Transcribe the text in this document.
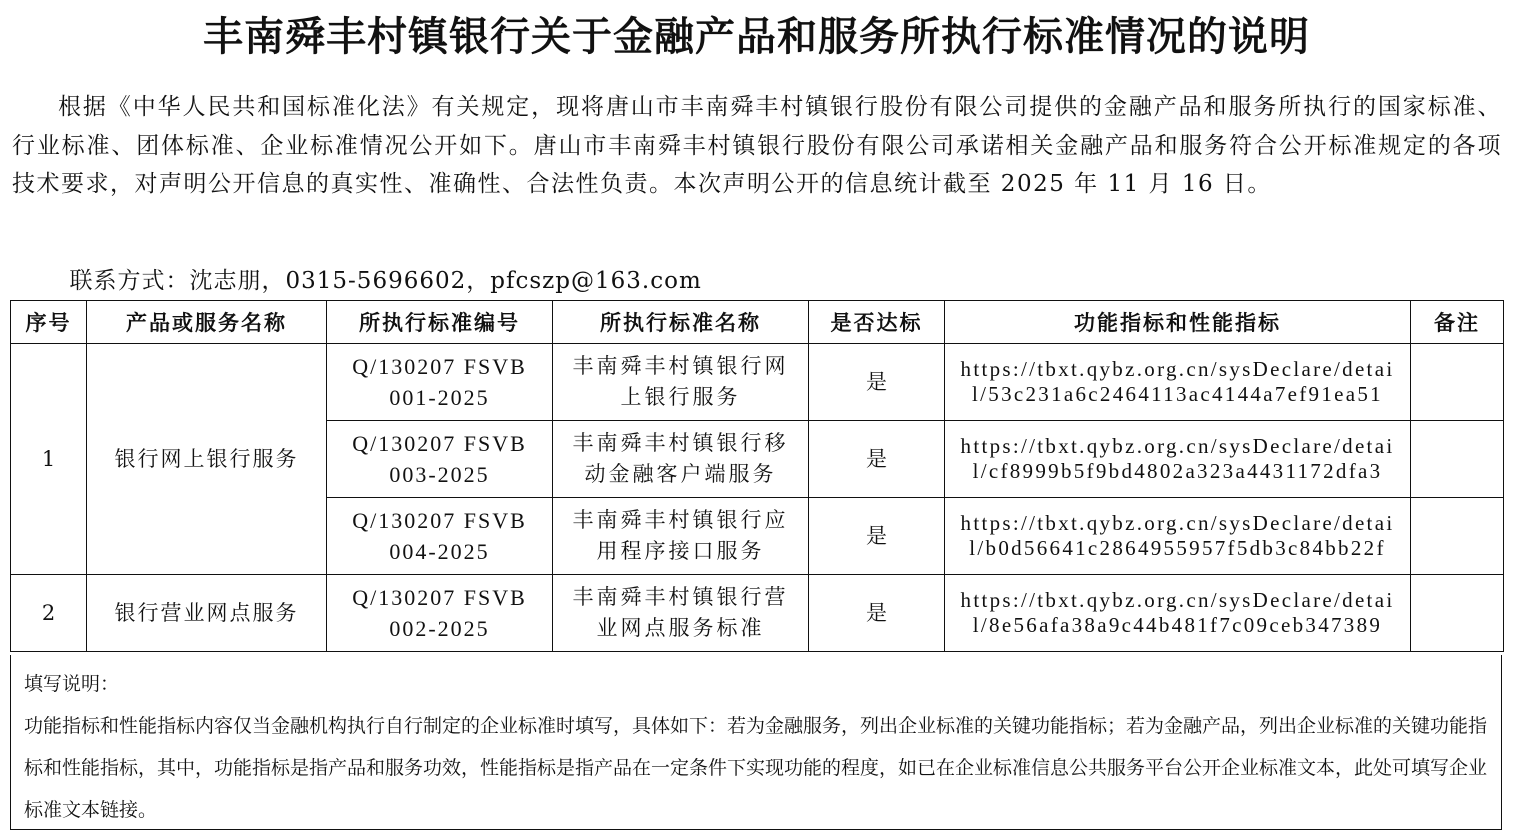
丰南舜丰村镇银行关于金融产品和服务所执行标准情况的说明

根据《中华人民共和国标准化法》有关规定，现将唐山市丰南舜丰村镇银行股份有限公司提供的金融产品和服务所执行的国家标准、行业标准、团体标准、企业标准情况公开如下。唐山市丰南舜丰村镇银行股份有限公司承诺相关金融产品和服务符合公开标准规定的各项技术要求，对声明公开信息的真实性、准确性、合法性负责。本次声明公开的信息统计截至 2025 年 11 月 16 日。

联系方式：沈志朋，0315-5696602，pfcszp@163.com
序号	产品或服务名称	所执行标准编号	所执行标准名称	是否达标	功能指标和性能指标	备注
1	银行网上银行服务	Q/130207 FSVB 001-2025	丰南舜丰村镇银行网上银行服务	是	https://tbxt.qybz.org.cn/sysDeclare/detail/53c231a6c2464113ac4144a7ef91ea51	
		Q/130207 FSVB 003-2025	丰南舜丰村镇银行移动金融客户端服务	是	https://tbxt.qybz.org.cn/sysDeclare/detail/cf8999b5f9bd4802a323a4431172dfa3	
		Q/130207 FSVB 004-2025	丰南舜丰村镇银行应用程序接口服务	是	https://tbxt.qybz.org.cn/sysDeclare/detail/b0d56641c2864955957f5db3c84bb22f	
2	银行营业网点服务	Q/130207 FSVB 002-2025	丰南舜丰村镇银行营业网点服务标准	是	https://tbxt.qybz.org.cn/sysDeclare/detail/8e56afa38a9c44b481f7c09ceb347389	

填写说明：

功能指标和性能指标内容仅当金融机构执行自行制定的企业标准时填写，具体如下：若为金融服务，列出企业标准的关键功能指标；若为金融产品，列出企业标准的关键功能指标和性能指标，其中，功能指标是指产品和服务功效，性能指标是指产品在一定条件下实现功能的程度，如已在企业标准信息公共服务平台公开企业标准文本，此处可填写企业标准文本链接。
